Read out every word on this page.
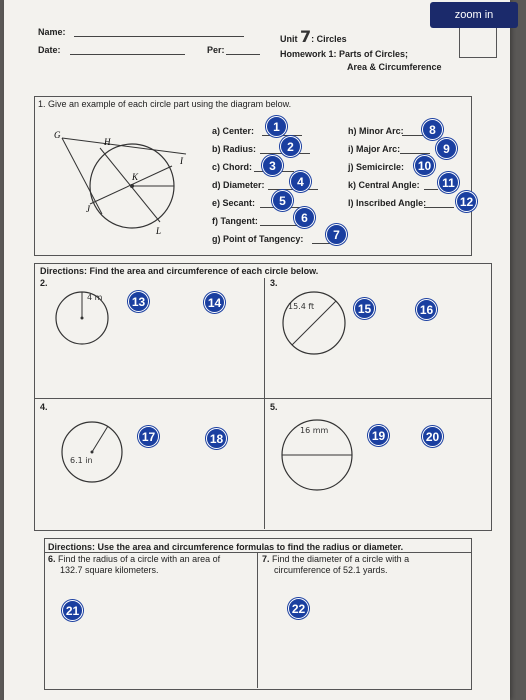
Name:
Date:	Per:
Unit 7: Circles
Homework 1: Parts of Circles;
Area & Circumference
1. Give an example of each circle part using the diagram below.
G
H
I
K
J
L
a) Center:
b) Radius:
c) Chord:
d) Diameter:
e) Secant:
f) Tangent:
g) Point of Tangency:
h) Minor Arc:
i) Major Arc:
j) Semicircle:
k) Central Angle:
l) Inscribed Angle:
Directions: Find the area and circumference of each circle below.
2.
4 m
3.
15.4 ft
4.
6.1 in
5.
16 mm
Directions: Use the area and circumference formulas to find the radius or diameter.
6. Find the radius of a circle with an area of
132.7 square kilometers.
7. Find the diameter of a circle with a
circumference of 52.1 yards.
1
2
3
4
5
6
7
8
9
10
11
12
13	14	15	16
17	18	19	20
21	22
zoom in
